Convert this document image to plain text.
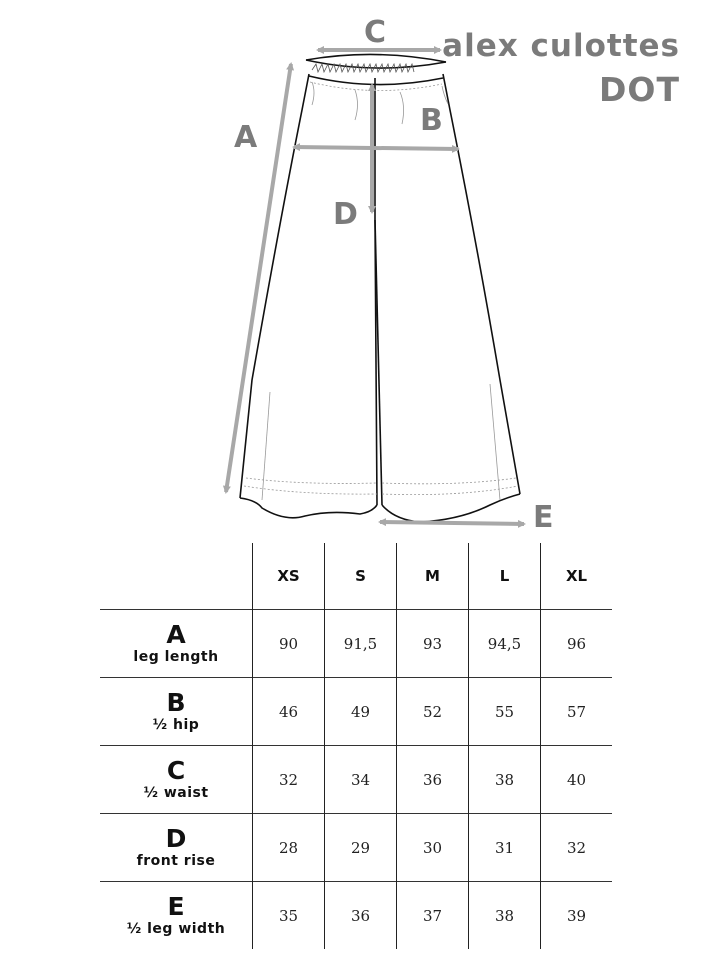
alex culottes
DOT
C
B
A
D
E
	XS	S	M	L	XL

A
leg length	90	91,5	93	94,5	96

B
½ hip	46	49	52	55	57

C
½ waist	32	34	36	38	40

D
front rise	28	29	30	31	32

E
½ leg width	35	36	37	38	39
